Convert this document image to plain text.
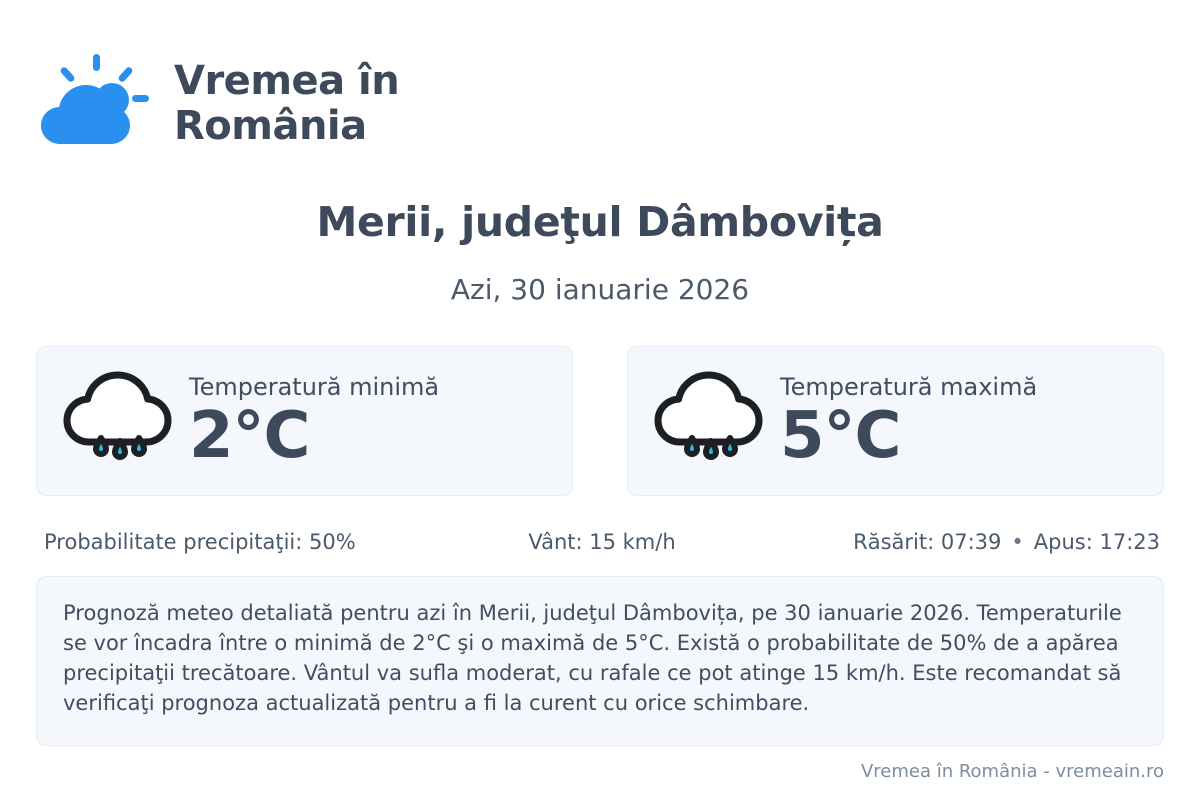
Vremea în
România
Merii, judeţul Dâmbovița
Azi, 30 ianuarie 2026
Temperatură minimă
2°C
Temperatură maximă
5°C
Probabilitate precipitaţii: 50%	Vânt: 15 km/h	Răsărit: 07:39 • Apus: 17:23
Prognoză meteo detaliată pentru azi în Merii, judeţul Dâmbovița, pe 30 ianuarie 2026. Temperaturile se vor încadra între o minimă de 2°C şi o maximă de 5°C. Există o probabilitate de 50% de a apărea precipitaţii trecătoare. Vântul va sufla moderat, cu rafale ce pot atinge 15 km/h. Este recomandat să verificaţi prognoza actualizată pentru a fi la curent cu orice schimbare.
Vremea în România - vremeain.ro
